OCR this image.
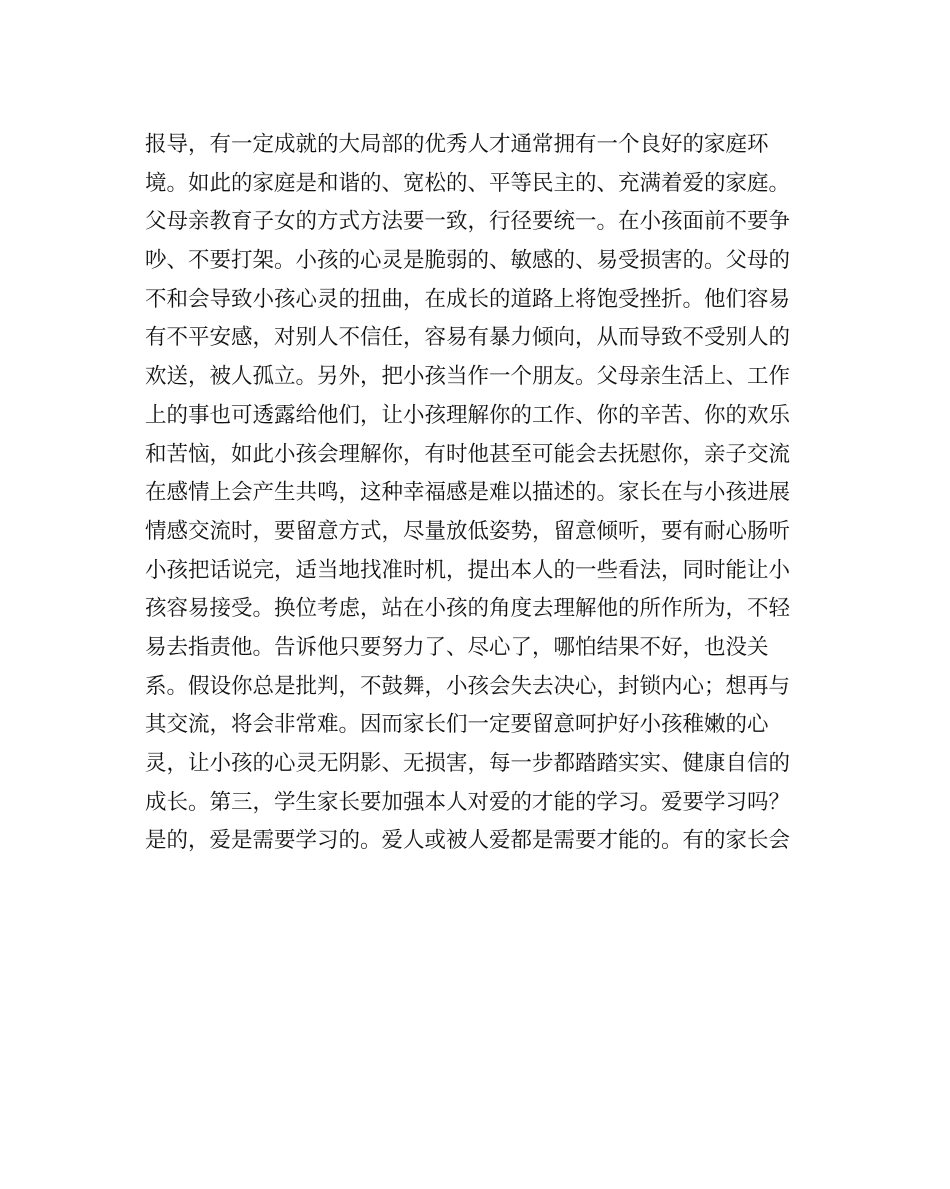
报导，有一定成就的大局部的优秀人才通常拥有一个良好的家庭环
境。如此的家庭是和谐的、宽松的、平等民主的、充满着爱的家庭。
父母亲教育子女的方式方法要一致，行径要统一。在小孩面前不要争
吵、不要打架。小孩的心灵是脆弱的、敏感的、易受损害的。父母的
不和会导致小孩心灵的扭曲，在成长的道路上将饱受挫折。他们容易
有不平安感，对别人不信任，容易有暴力倾向，从而导致不受别人的
欢送，被人孤立。另外，把小孩当作一个朋友。父母亲生活上、工作
上的事也可透露给他们，让小孩理解你的工作、你的辛苦、你的欢乐
和苦恼，如此小孩会理解你，有时他甚至可能会去抚慰你，亲子交流
在感情上会产生共鸣，这种幸福感是难以描述的。家长在与小孩进展
情感交流时，要留意方式，尽量放低姿势，留意倾听，要有耐心肠听
小孩把话说完，适当地找准时机，提出本人的一些看法，同时能让小
孩容易接受。换位考虑，站在小孩的角度去理解他的所作所为，不轻
易去指责他。告诉他只要努力了、尽心了，哪怕结果不好，也没关
系。假设你总是批判，不鼓舞，小孩会失去决心，封锁内心；想再与
其交流，将会非常难。因而家长们一定要留意呵护好小孩稚嫩的心
灵，让小孩的心灵无阴影、无损害，每一步都踏踏实实、健康自信的
成长。第三，学生家长要加强本人对爱的才能的学习。爱要学习吗？
是的，爱是需要学习的。爱人或被人爱都是需要才能的。有的家长会
